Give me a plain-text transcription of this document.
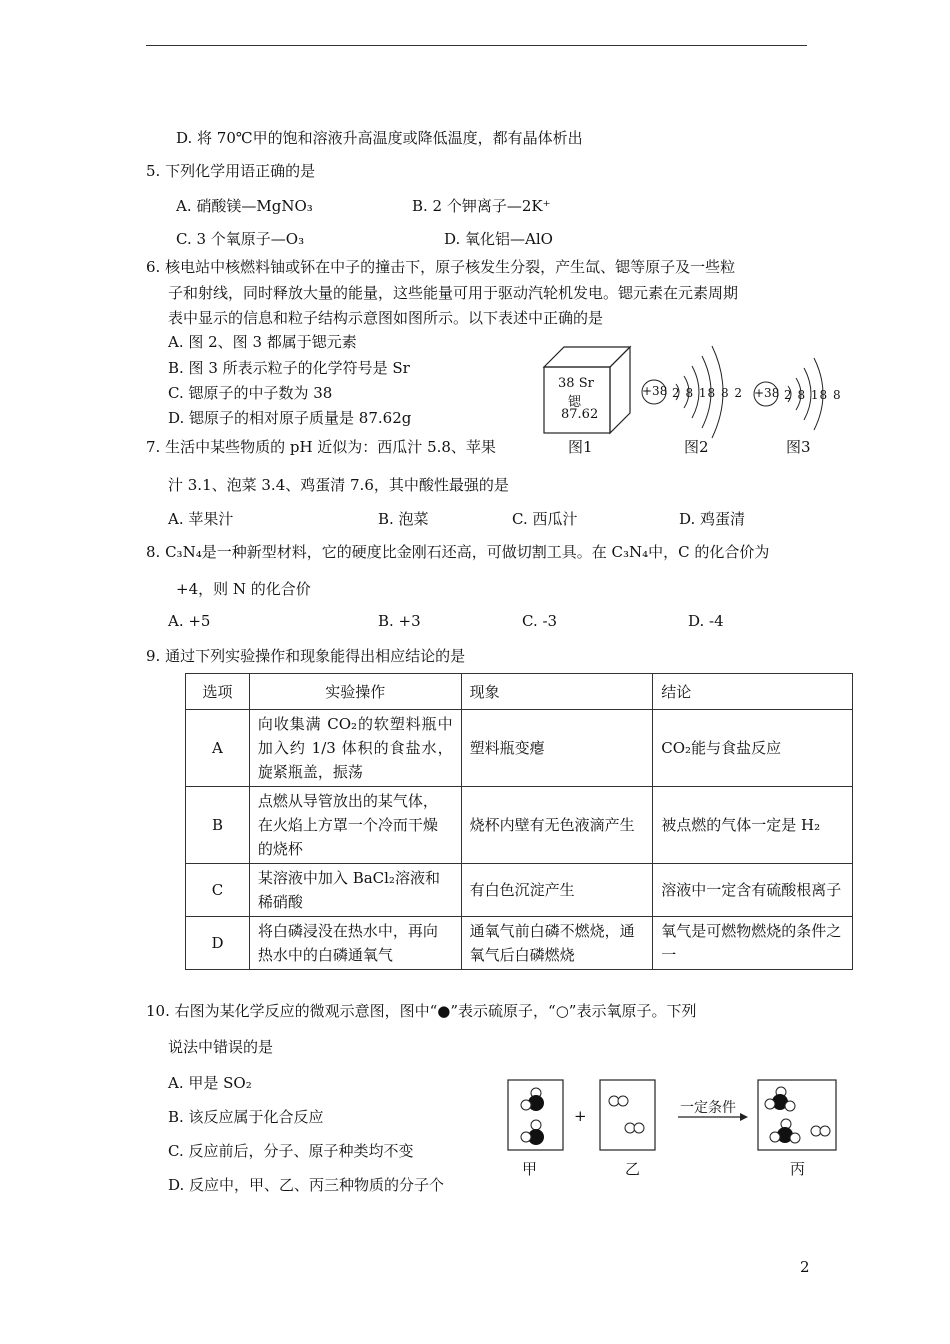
D. 将 70℃甲的饱和溶液升高温度或降低温度，都有晶体析出
5. 下列化学用语正确的是
A. 硝酸镁—MgNO₃	B. 2 个钾离子—2K⁺
C. 3 个氧原子—O₃	D. 氧化铝—AlO
6. 核电站中核燃料铀或钚在中子的撞击下，原子核发生分裂，产生氙、锶等原子及一些粒
子和射线，同时释放大量的能量，这些能量可用于驱动汽轮机发电。锶元素在元素周期
表中显示的信息和粒子结构示意图如图所示。以下表述中正确的是
A. 图 2、图 3 都属于锶元素
B. 图 3 所表示粒子的化学符号是 Sr
C. 锶原子的中子数为 38
D. 锶原子的相对原子质量是 87.62g
38 Sr
锶
87.62
+38 2 8 18 8 2 +38 2 8 18 8
图1	图2	图3
7. 生活中某些物质的 pH 近似为：西瓜汁 5.8、苹果
汁 3.1、泡菜 3.4、鸡蛋清 7.6，其中酸性最强的是
A. 苹果汁	B. 泡菜	C. 西瓜汁	D. 鸡蛋清
8. C₃N₄是一种新型材料，它的硬度比金刚石还高，可做切割工具。在 C₃N₄中，C 的化合价为
+4，则 N 的化合价
A. +5	B. +3	C. -3	D. -4
9. 通过下列实验操作和现象能得出相应结论的是
选项	实验操作	现象	结论
A	向收集满 CO₂的软塑料瓶中加入约 1/3 体积的食盐水，旋紧瓶盖，振荡	塑料瓶变瘪	CO₂能与食盐反应
B	点燃从导管放出的某气体，在火焰上方罩一个冷而干燥的烧杯	烧杯内壁有无色液滴产生	被点燃的气体一定是 H₂
C	某溶液中加入 BaCl₂溶液和稀硝酸	有白色沉淀产生	溶液中一定含有硫酸根离子
D	将白磷浸没在热水中，再向热水中的白磷通氧气	通氧气前白磷不燃烧，通氧气后白磷燃烧	氧气是可燃物燃烧的条件之一
10. 右图为某化学反应的微观示意图，图中“●”表示硫原子，“○”表示氧原子。下列
说法中错误的是
A. 甲是 SO₂
B. 该反应属于化合反应
C. 反应前后，分子、原子种类均不变
D. 反应中，甲、乙、丙三种物质的分子个
+	一定条件
甲	乙	丙
2
